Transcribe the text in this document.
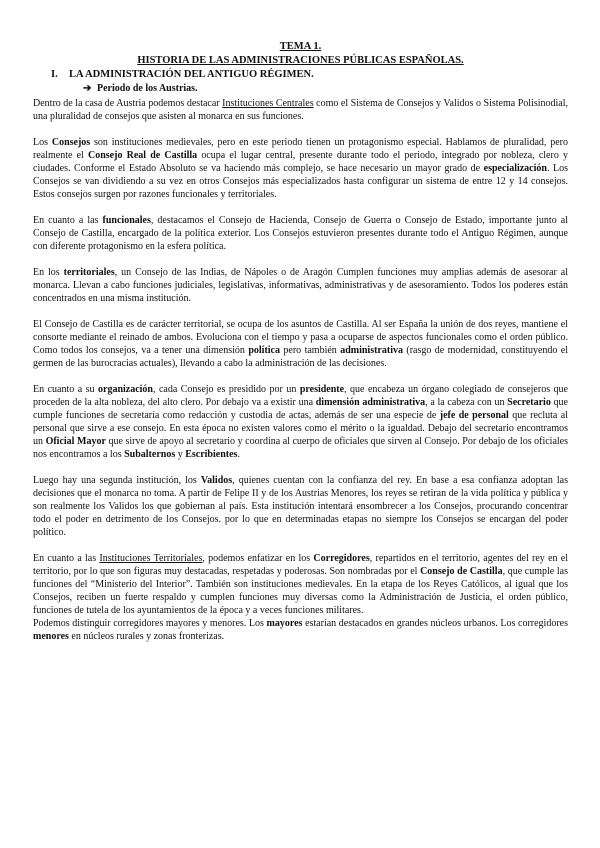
TEMA 1.

HISTORIA DE LAS ADMINISTRACIONES PÚBLICAS ESPAÑOLAS.

I. LA ADMINISTRACIÓN DEL ANTIGUO RÉGIMEN.

➔ Periodo de los Austrias.

Dentro de la casa de Austria podemos destacar Instituciones Centrales como el Sistema de Consejos y Validos o Sistema Polisinodial, una pluralidad de consejos que asisten al monarca en sus funciones.

Los Consejos son instituciones medievales, pero en este periodo tienen un protagonismo especial. Hablamos de pluralidad, pero realmente el Consejo Real de Castilla ocupa el lugar central, presente durante todo el periodo, integrado por nobleza, clero y ciudades. Conforme el Estado Absoluto se va haciendo más complejo, se hace necesario un mayor grado de especialización. Los Consejos se van dividiendo a su vez en otros Consejos más especializados hasta configurar un sistema de entre 12 y 14 consejos. Estos consejos surgen por razones funcionales y territoriales.

En cuanto a las funcionales, destacamos el Consejo de Hacienda, Consejo de Guerra o Consejo de Estado, importante junto al Consejo de Castilla, encargado de la política exterior. Los Consejos estuvieron presentes durante todo el Antiguo Régimen, aunque con diferente protagonismo en la esfera política.

En los territoriales, un Consejo de las Indias, de Nápoles o de Aragón Cumplen funciones muy amplias además de asesorar al monarca. Llevan a cabo funciones judiciales, legislativas, informativas, administrativas y de asesoramiento. Todos los poderes están concentrados en una misma institución.

El Consejo de Castilla es de carácter territorial, se ocupa de los asuntos de Castilla. Al ser España la unión de dos reyes, mantiene el consorte mediante el reinado de ambos. Evoluciona con el tiempo y pasa a ocuparse de aspectos funcionales como el orden público. Como todos los consejos, va a tener una dimensión política pero también administrativa (rasgo de modernidad, constituyendo el germen de las burocracias actuales), llevando a cabo la administración de las decisiones.

En cuanto a su organización, cada Consejo es presidido por un presidente, que encabeza un órgano colegiado de consejeros que proceden de la alta nobleza, del alto clero. Por debajo va a existir una dimensión administrativa, a la cabeza con un Secretario que cumple funciones de secretaría como redacción y custodia de actas, además de ser una especie de jefe de personal que recluta al personal que sirve a ese consejo. En esta época no existen valores como el mérito o la igualdad. Debajo del secretario encontramos un Oficial Mayor que sirve de apoyo al secretario y coordina al cuerpo de oficiales que sirven al Consejo. Por debajo de los oficiales nos encontramos a los Subalternos y Escribientes.

Luego hay una segunda institución, los Validos, quienes cuentan con la confianza del rey. En base a esa confianza adoptan las decisiones que el monarca no toma. A partir de Felipe II y de los Austrias Menores, los reyes se retiran de la vida política y pública y son realmente los Validos los que gobiernan al país. Esta institución intentará ensombrecer a los Consejos, procurando concentrar todo el poder en detrimento de los Consejos. por lo que en determinadas etapas no siempre los Consejos se encargan del poder político.

En cuanto a las Instituciones Territoriales, podemos enfatizar en los Corregidores, repartidos en el territorio, agentes del rey en el territorio, por lo que son figuras muy destacadas, respetadas y poderosas. Son nombradas por el Consejo de Castilla, que cumple las funciones del “Ministerio del Interior”. También son instituciones medievales. En la etapa de los Reyes Católicos, al igual que los Consejos, reciben un fuerte respaldo y cumplen funciones muy diversas como la Administración de Justicia, el orden público, funciones de tutela de los ayuntamientos de la época y a veces funciones militares.

Podemos distinguir corregidores mayores y menores. Los mayores estarían destacados en grandes núcleos urbanos. Los corregidores menores en núcleos rurales y zonas fronterizas.
